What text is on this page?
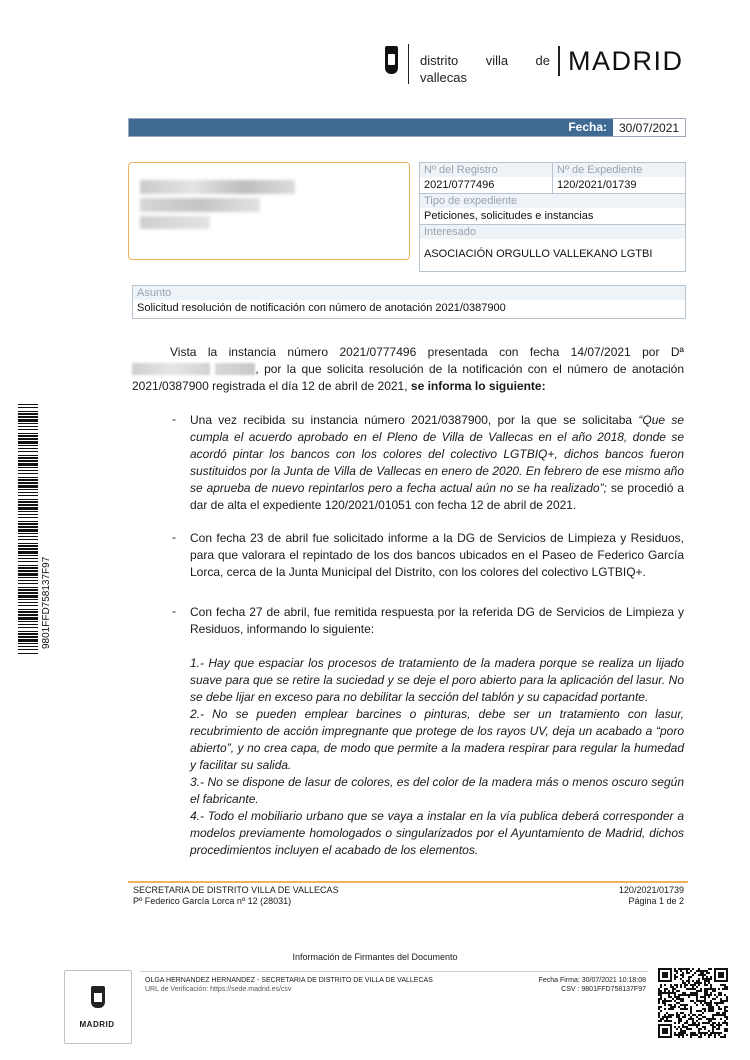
distrito villa de
vallecas
MADRID
Fecha: 30/07/2021
Nº del Registro
2021/0777496
Nº de Expediente
120/2021/01739
Tipo de expediente
Peticiones, solicitudes e instancias
Interesado
ASOCIACIÓN ORGULLO VALLEKANO LGTBI
Asunto
Solicitud resolución de notificación con número de anotación 2021/0387900
Vista la instancia número 2021/0777496 presentada con fecha 14/07/2021 por Dª  , por la que solicita resolución de la notificación con el número de anotación 2021/0387900 registrada el día 12 de abril de 2021, se informa lo siguiente:
-	Una vez recibida su instancia número 2021/0387900, por la que se solicitaba “Que se cumpla el acuerdo aprobado en el Pleno de Villa de Vallecas en el año 2018, donde se acordó pintar los bancos con los colores del colectivo LGTBIQ+, dichos bancos fueron sustituidos por la Junta de Villa de Vallecas en enero de 2020. En febrero de ese mismo año se aprueba de nuevo repintarlos pero a fecha actual aún no se ha realizado”; se procedió a dar de alta el expediente 120/2021/01051 con fecha 12 de abril de 2021.
-	Con fecha 23 de abril fue solicitado informe a la DG de Servicios de Limpieza y Residuos, para que valorara el repintado de los dos bancos ubicados en el Paseo de Federico García Lorca, cerca de la Junta Municipal del Distrito, con los colores del colectivo LGTBIQ+.
-	Con fecha 27 de abril, fue remitida respuesta por la referida DG de Servicios de Limpieza y Residuos, informando lo siguiente:
1.- Hay que espaciar los procesos de tratamiento de la madera porque se realiza un lijado suave para que se retire la suciedad y se deje el poro abierto para la aplicación del lasur. No se debe lijar en exceso para no debilitar la sección del tablón y su capacidad portante.
2.- No se pueden emplear barcines o pinturas, debe ser un tratamiento con lasur, recubrimiento de acción impregnante que protege de los rayos UV, deja un acabado a “poro abierto”, y no crea capa, de modo que permite a la madera respirar para regular la humedad y facilitar su salida.
3.- No se dispone de lasur de colores, es del color de la madera más o menos oscuro según el fabricante.
4.- Todo el mobiliario urbano que se vaya a instalar en la vía publica deberá corresponder a modelos previamente homologados o singularizados por el Ayuntamiento de Madrid, dichos procedimientos incluyen el acabado de los elementos.
9801FFD758137F97
SECRETARIA DE DISTRITO VILLA DE VALLECAS
Pº Federico García Lorca nº 12 (28031)
120/2021/01739
Página 1 de 2
Información de Firmantes del Documento
MADRID
OLGA HERNANDEZ HERNANDEZ - SECRETARIA DE DISTRITO DE VILLA DE VALLECAS
URL de Verificación: https://sede.madrid.es/csv
Fecha Firma: 30/07/2021 10:18:08
CSV : 9801FFD758137F97
